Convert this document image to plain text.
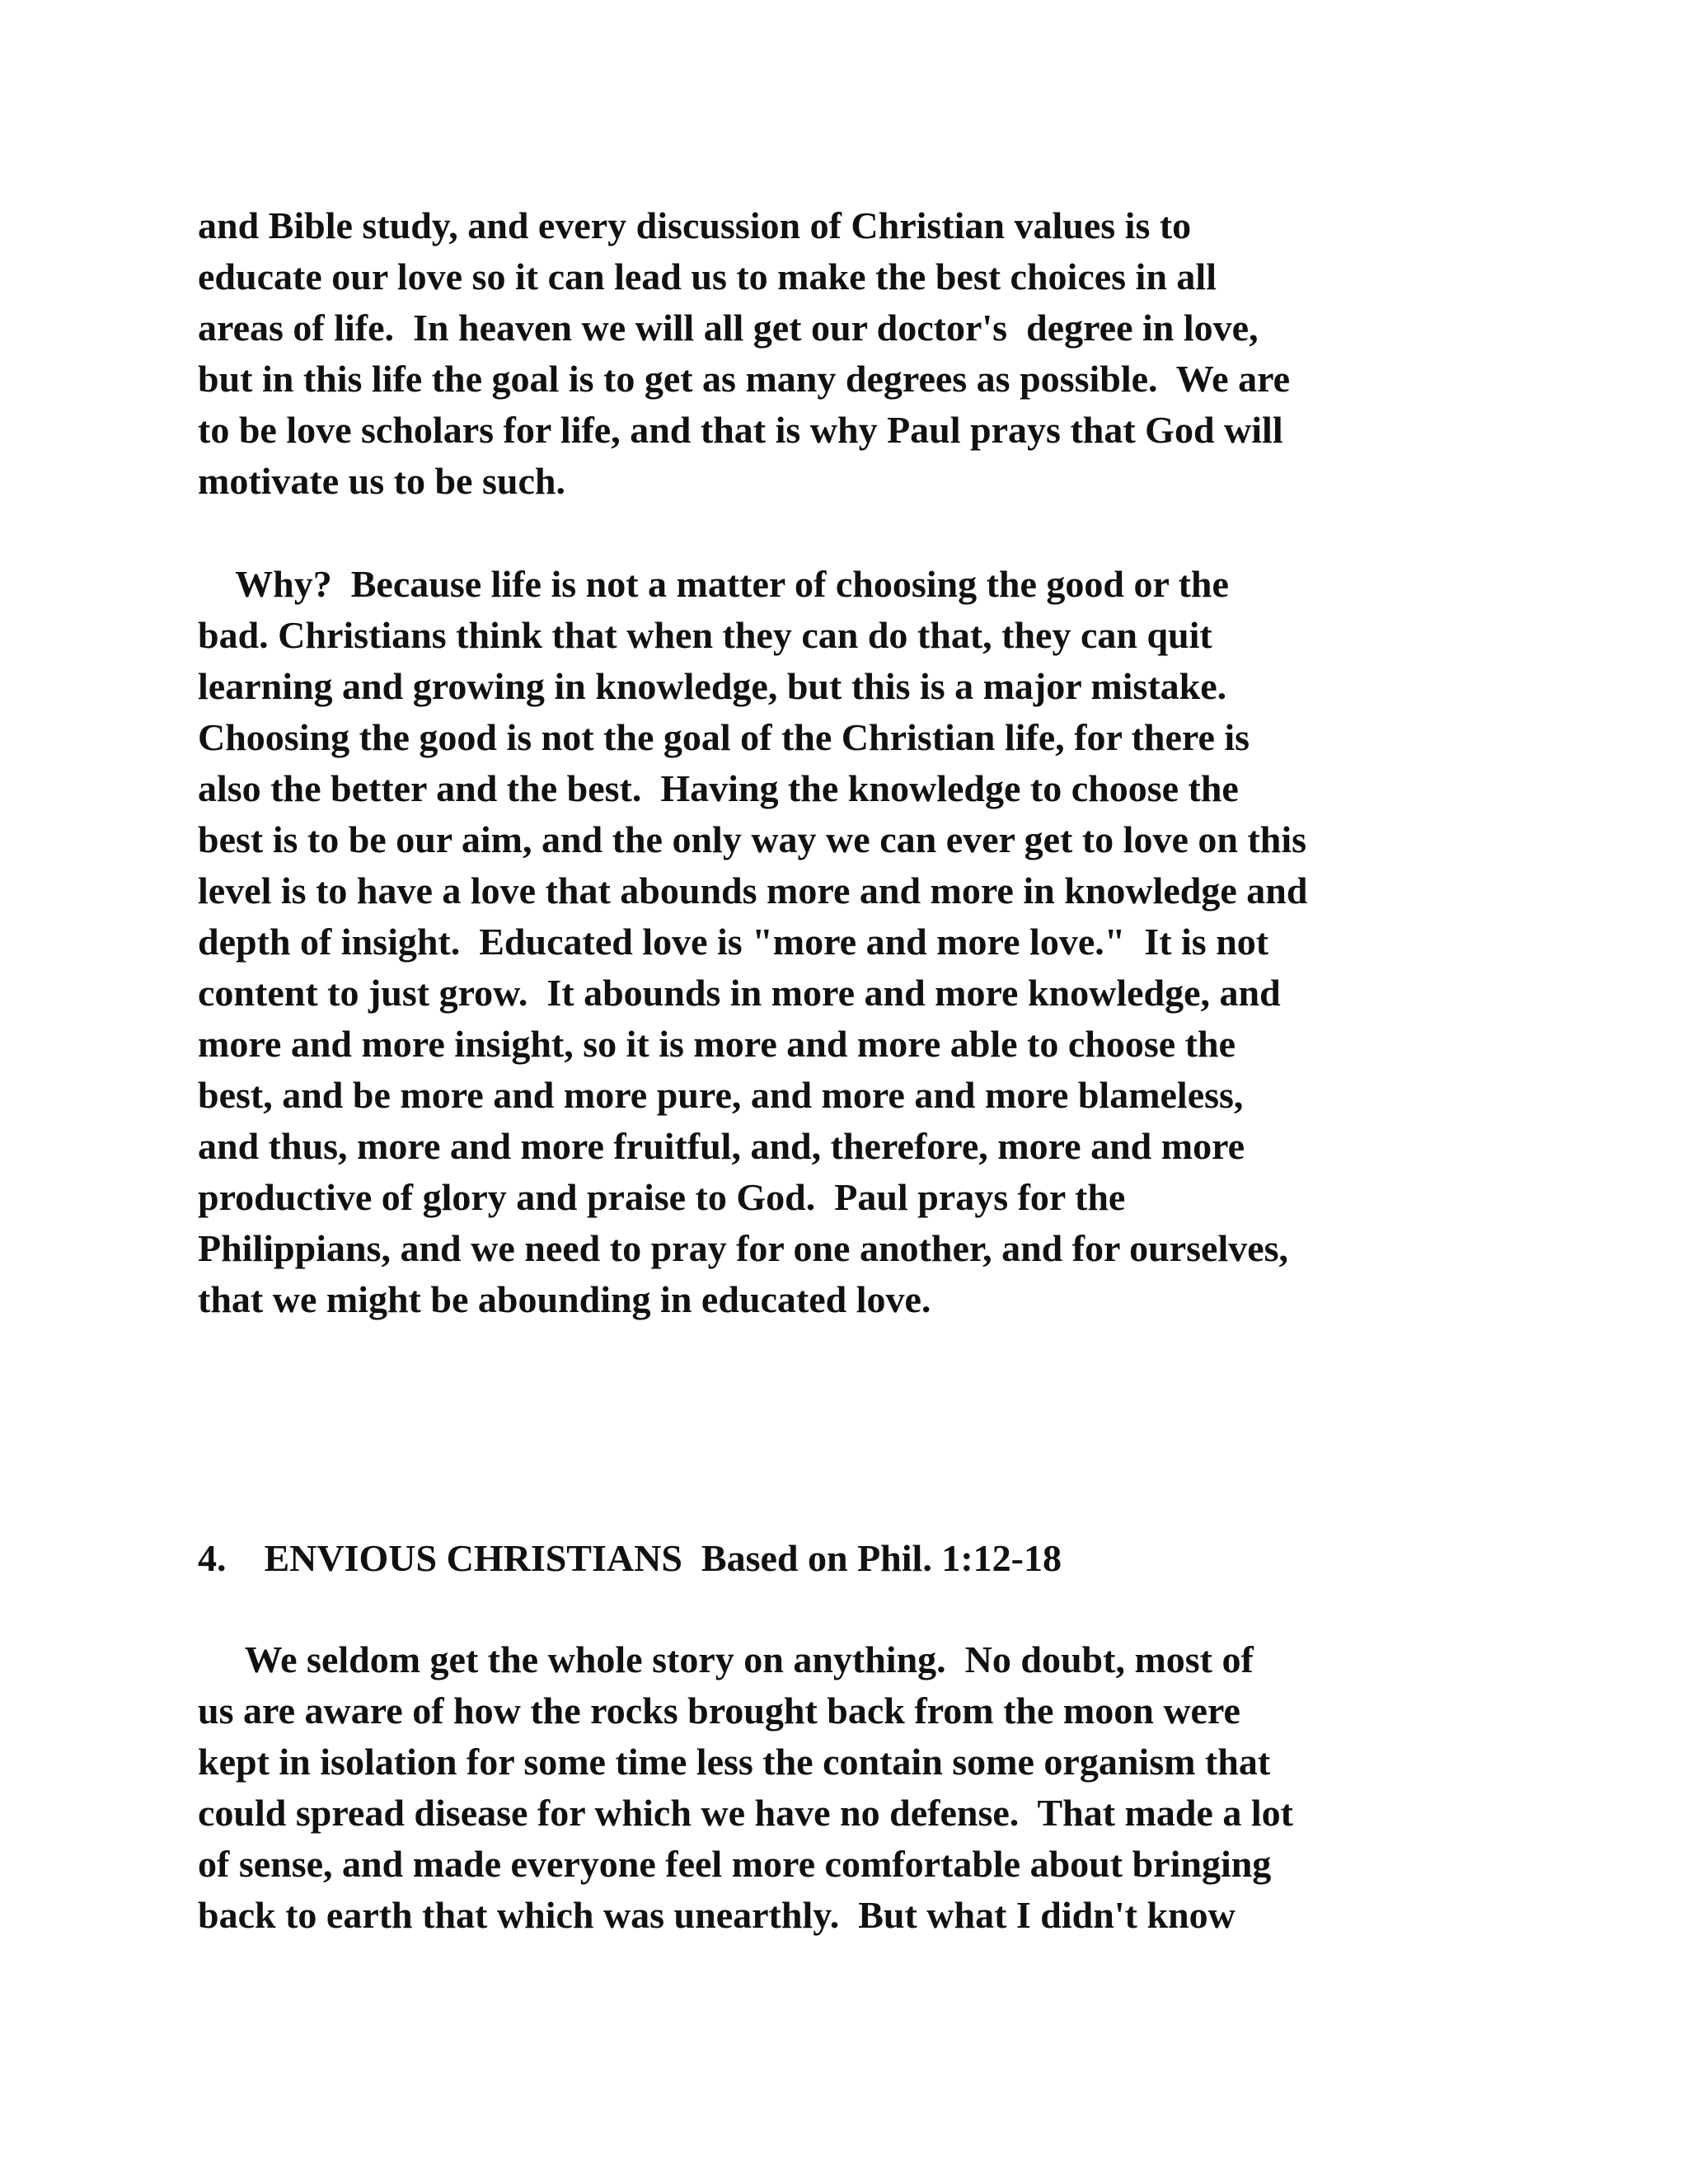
and Bible study, and every discussion of Christian values is to
educate our love so it can lead us to make the best choices in all
areas of life.  In heaven we will all get our doctor's  degree in love,
but in this life the goal is to get as many degrees as possible.  We are
to be love scholars for life, and that is why Paul prays that God will
motivate us to be such.
Why?  Because life is not a matter of choosing the good or the
bad. Christians think that when they can do that, they can quit
learning and growing in knowledge, but this is a major mistake.
Choosing the good is not the goal of the Christian life, for there is
also the better and the best.  Having the knowledge to choose the
best is to be our aim, and the only way we can ever get to love on this
level is to have a love that abounds more and more in knowledge and
depth of insight.  Educated love is "more and more love."  It is not
content to just grow.  It abounds in more and more knowledge, and
more and more insight, so it is more and more able to choose the
best, and be more and more pure, and more and more blameless,
and thus, more and more fruitful, and, therefore, more and more
productive of glory and praise to God.  Paul prays for the
Philippians, and we need to pray for one another, and for ourselves,
that we might be abounding in educated love.
4.    ENVIOUS CHRISTIANS  Based on Phil. 1:12-18
We seldom get the whole story on anything.  No doubt, most of
us are aware of how the rocks brought back from the moon were
kept in isolation for some time less the contain some organism that
could spread disease for which we have no defense.  That made a lot
of sense, and made everyone feel more comfortable about bringing
back to earth that which was unearthly.  But what I didn't know
